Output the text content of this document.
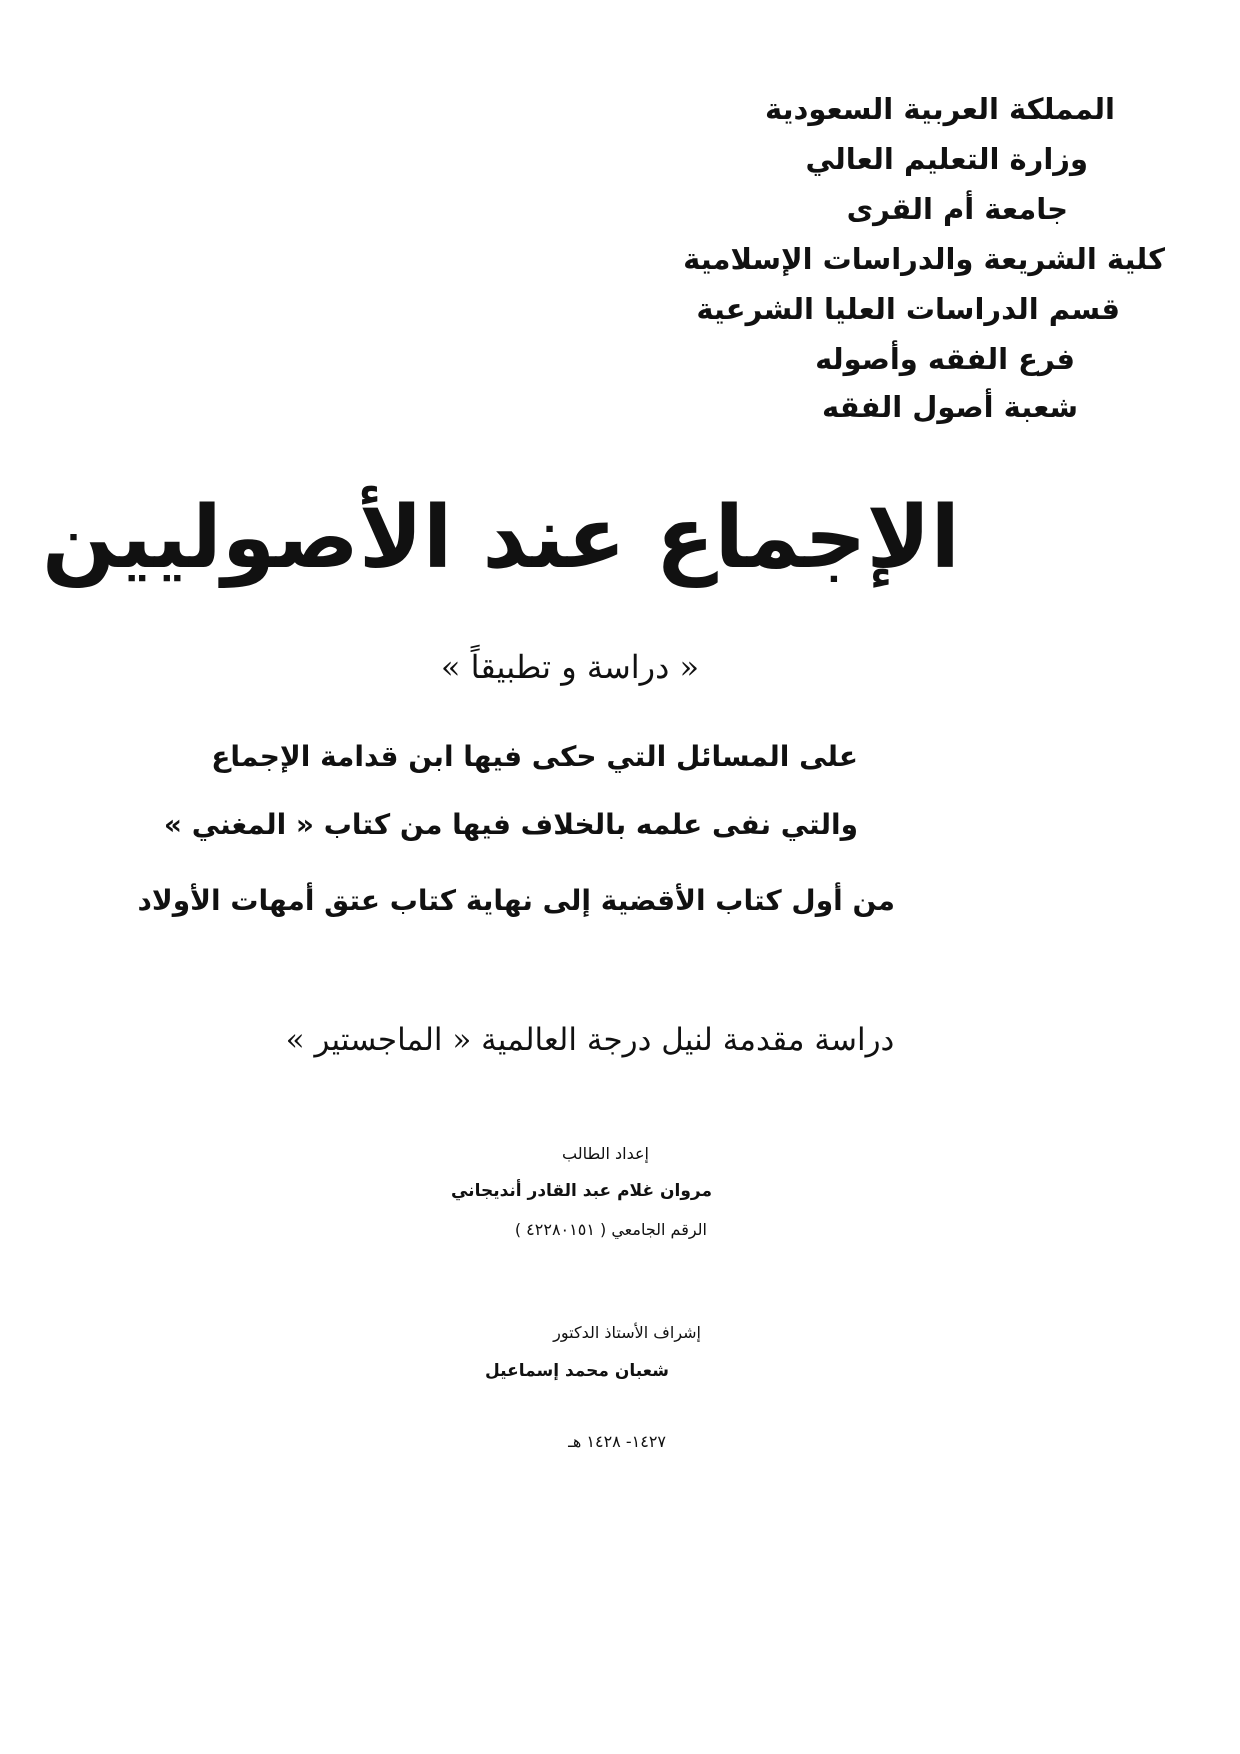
المملكة العربية السعودية
وزارة التعليم العالي
جامعة أم القرى
كلية الشريعة والدراسات الإسلامية
قسم الدراسات العليا الشرعية
فرع الفقه وأصوله
شعبة أصول الفقه
الإجماع عند الأصوليين
« دراسة و تطبيقاً »
على المسائل التي حكى فيها ابن قدامة الإجماع
والتي نفى علمه بالخلاف فيها من كتاب « المغني »
من أول كتاب الأقضية إلى نهاية كتاب عتق أمهات الأولاد
دراسة مقدمة لنيل درجة العالمية « الماجستير »
إعداد الطالب
مروان غلام عبد القادر أنديجاني
الرقم الجامعي ( ٤٢٢٨٠١٥١ )
إشراف الأستاذ الدكتور
شعبان محمد إسماعيل
١٤٢٧- ١٤٢٨ هـ
